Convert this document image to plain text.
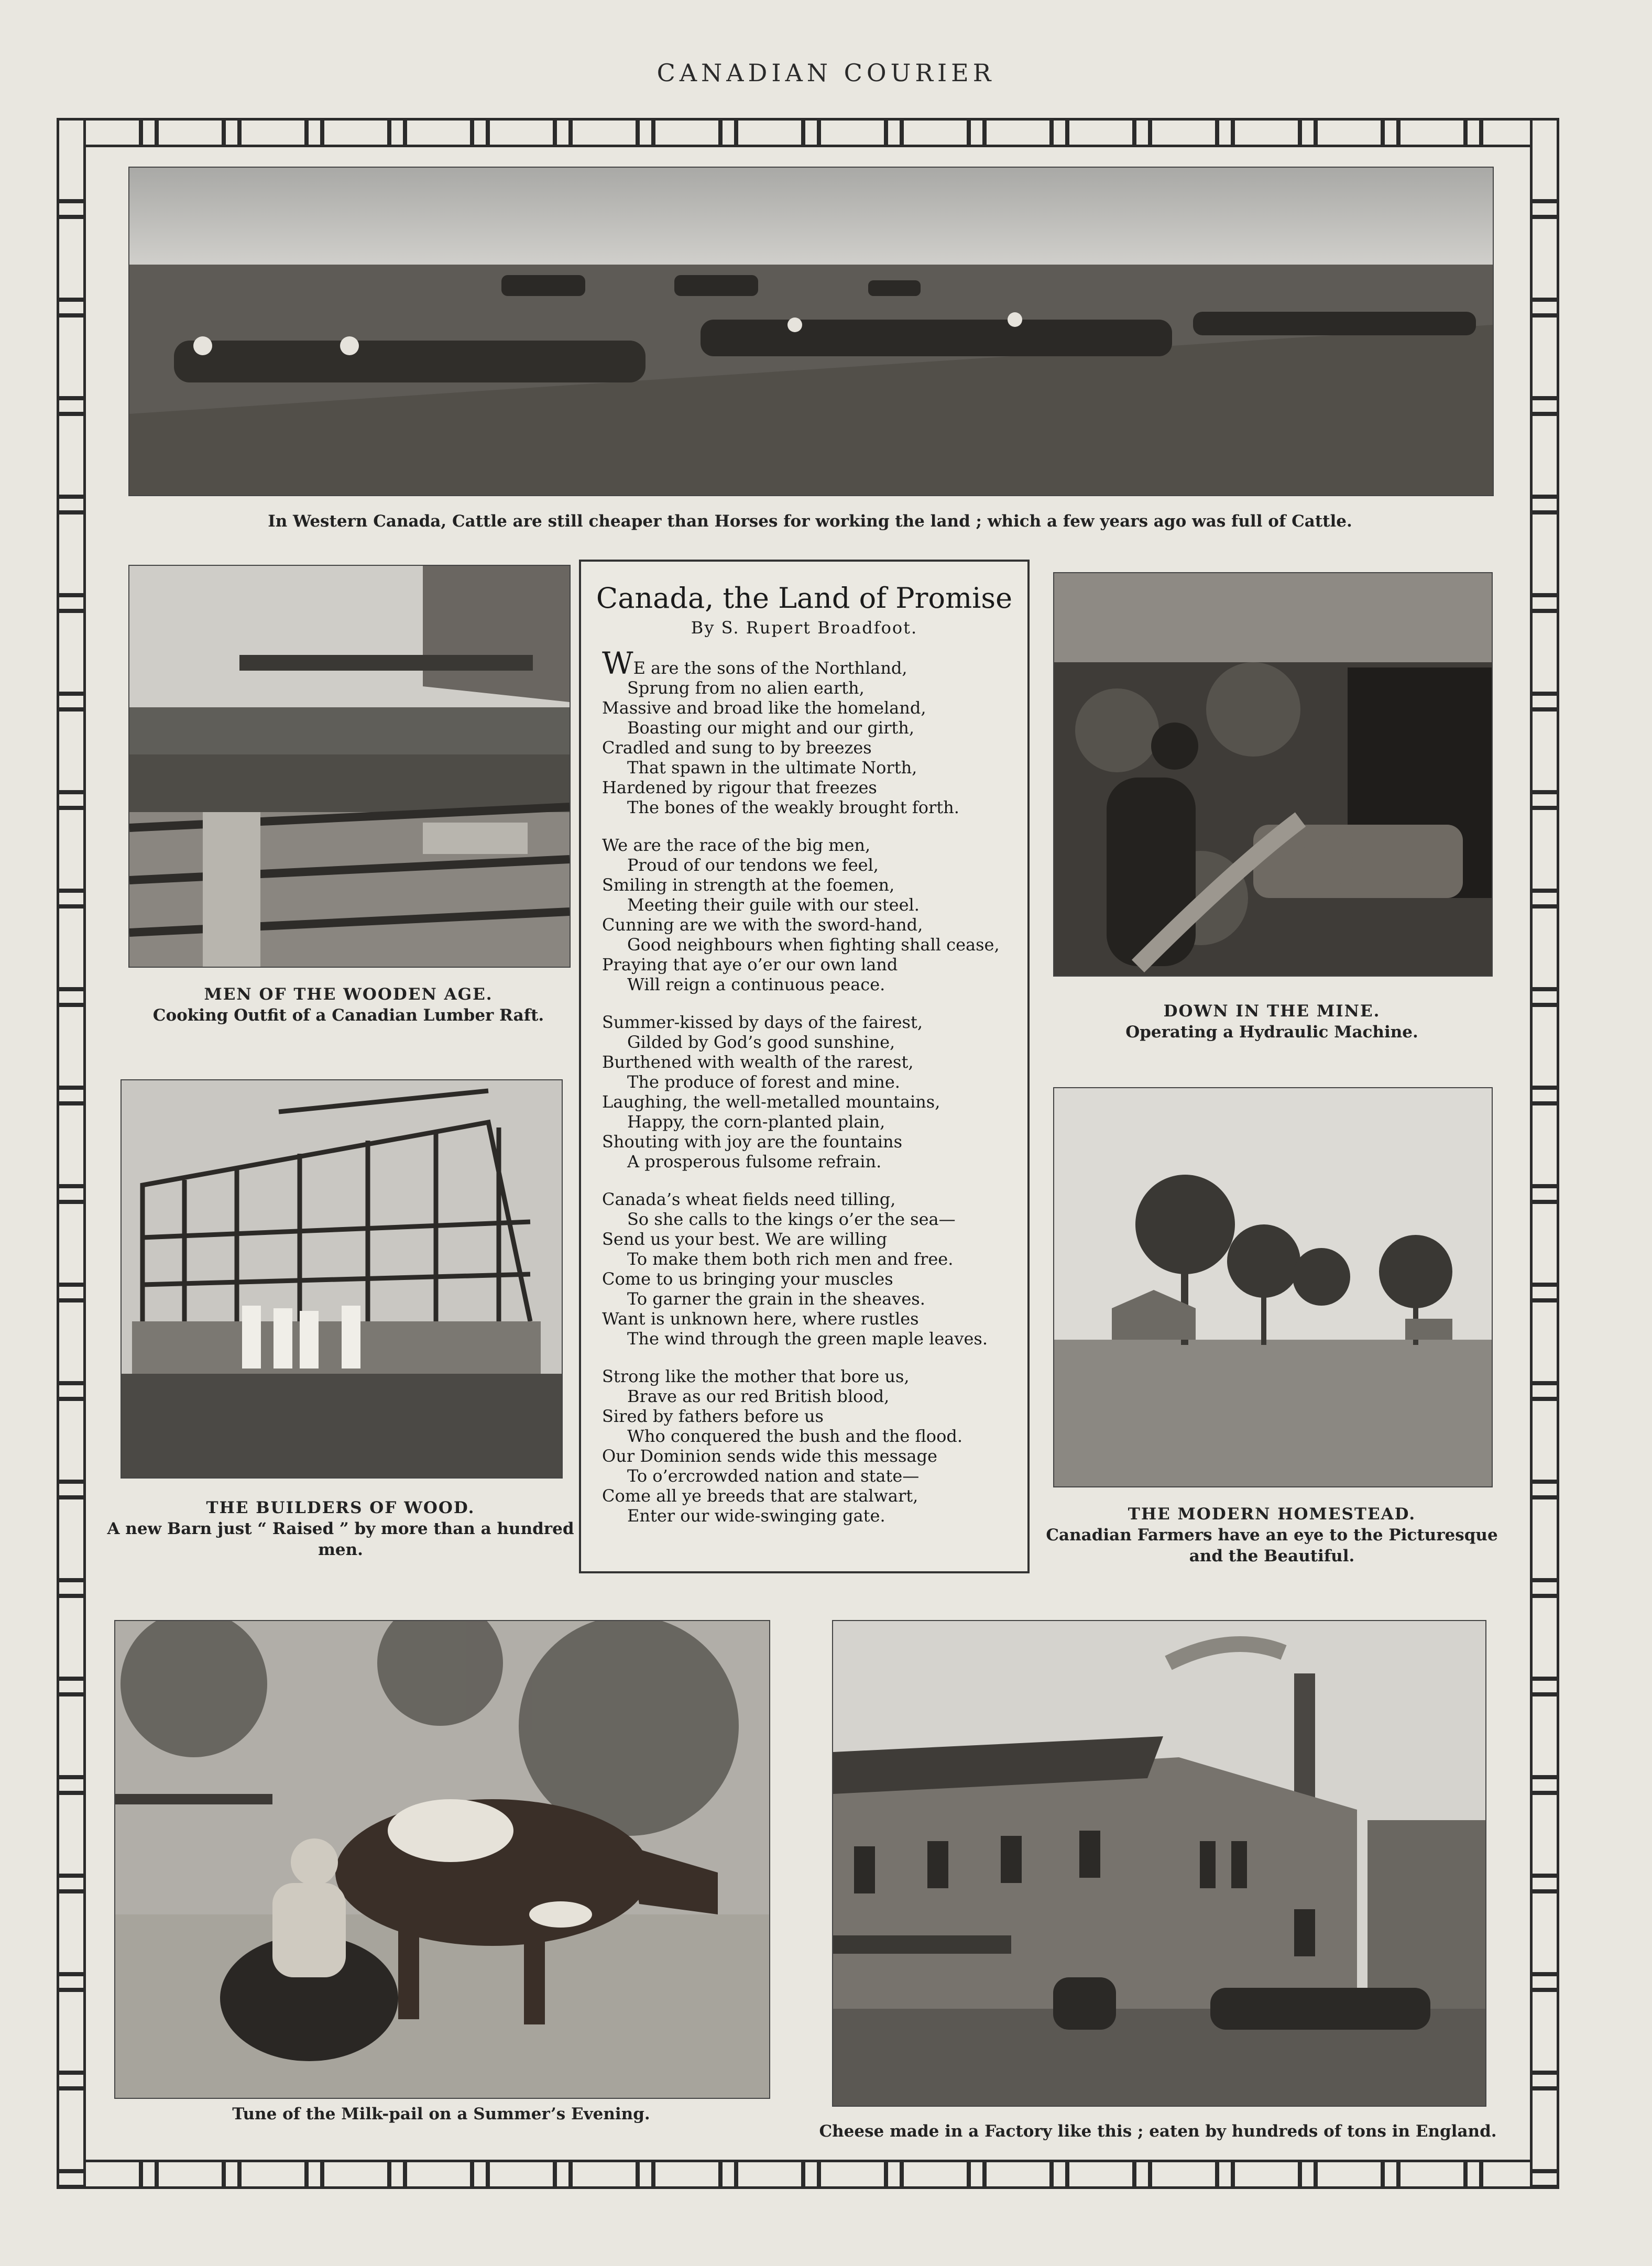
CANADIAN COURIER
In Western Canada, Cattle are still cheaper than Horses for working the land ; which a few years ago was full of Cattle.
MEN OF THE WOODEN AGE.
Cooking Outfit of a Canadian Lumber Raft.	DOWN IN THE MINE.
Operating a Hydraulic Machine.
THE BUILDERS OF WOOD.
A new Barn just “ Raised ” by more than a hundred men.
THE MODERN HOMESTEAD.
Canadian Farmers have an eye to the Picturesque and the Beautiful.
Canada, the Land of Promise
By S. Rupert Broadfoot.
WE are the sons of the Northland,
Sprung from no alien earth,
Massive and broad like the homeland,
Boasting our might and our girth,
Cradled and sung to by breezes
That spawn in the ultimate North,
Hardened by rigour that freezes
The bones of the weakly brought forth.
We are the race of the big men,
Proud of our tendons we feel,
Smiling in strength at the foemen,
Meeting their guile with our steel.
Cunning are we with the sword-hand,
Good neighbours when fighting shall cease,
Praying that aye o’er our own land
Will reign a continuous peace.
Summer-kissed by days of the fairest,
Gilded by God’s good sunshine,
Burthened with wealth of the rarest,
The produce of forest and mine.
Laughing, the well-metalled mountains,
Happy, the corn-planted plain,
Shouting with joy are the fountains
A prosperous fulsome refrain.
Canada’s wheat fields need tilling,
So she calls to the kings o’er the sea—
Send us your best. We are willing
To make them both rich men and free.
Come to us bringing your muscles
To garner the grain in the sheaves.
Want is unknown here, where rustles
The wind through the green maple leaves.
Strong like the mother that bore us,
Brave as our red British blood,
Sired by fathers before us
Who conquered the bush and the flood.
Our Dominion sends wide this message
To o’ercrowded nation and state—
Come all ye breeds that are stalwart,
Enter our wide-swinging gate.
Tune of the Milk-pail on a Summer’s Evening.
Cheese made in a Factory like this ; eaten by hundreds of tons in England.
